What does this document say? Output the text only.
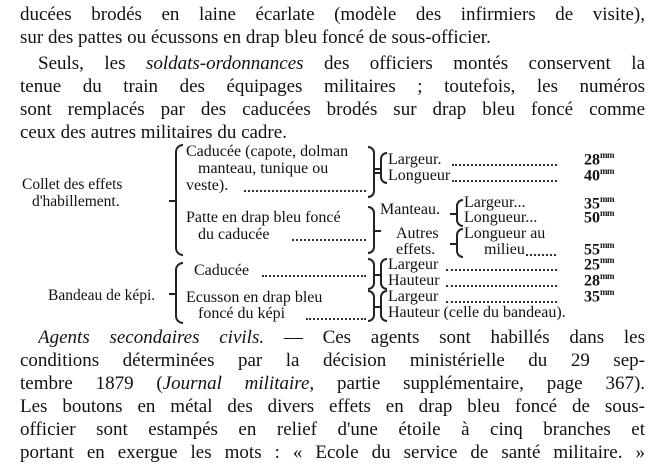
ducées brodés en laine écarlate (modèle des infirmiers de visite),
sur des pattes ou écussons en drap bleu foncé de sous-officier.
Seuls, les soldats-ordonnances des officiers montés conservent la
tenue du train des équipages militaires ; toutefois, les numéros
sont remplacés par des caducées brodés sur drap bleu foncé comme
ceux des autres militaires du cadre.
Collet des effets
d'habillement.
Caducée (capote, dolman
manteau, tunique ou
veste).
Largeur.	$28^{mm}$
Longueur	$40^{mm}$
Patte en drap bleu foncé
du caducée
Manteau. Largeur...	$35^{mm}$
Longueur...	$50^{mm}$
Autres
effets.
Longueur au
milieu	$55^{mm}$
Bandeau de képi.
Caducée	Largeur	$25^{mm}$
Hauteur	$28^{mm}$
Ecusson en drap bleu
foncé du képi
Largeur	$35^{mm}$
Hauteur (celle du bandeau).
Agents secondaires civils. — Ces agents sont habillés dans les
conditions déterminées par la décision ministérielle du 29 sep-
tembre 1879 (Journal militaire, partie supplémentaire, page 367).
Les boutons en métal des divers effets en drap bleu foncé de sous-
officier sont estampés en relief d'une étoile à cinq branches et
portant en exergue les mots : « Ecole du service de santé militaire. »
